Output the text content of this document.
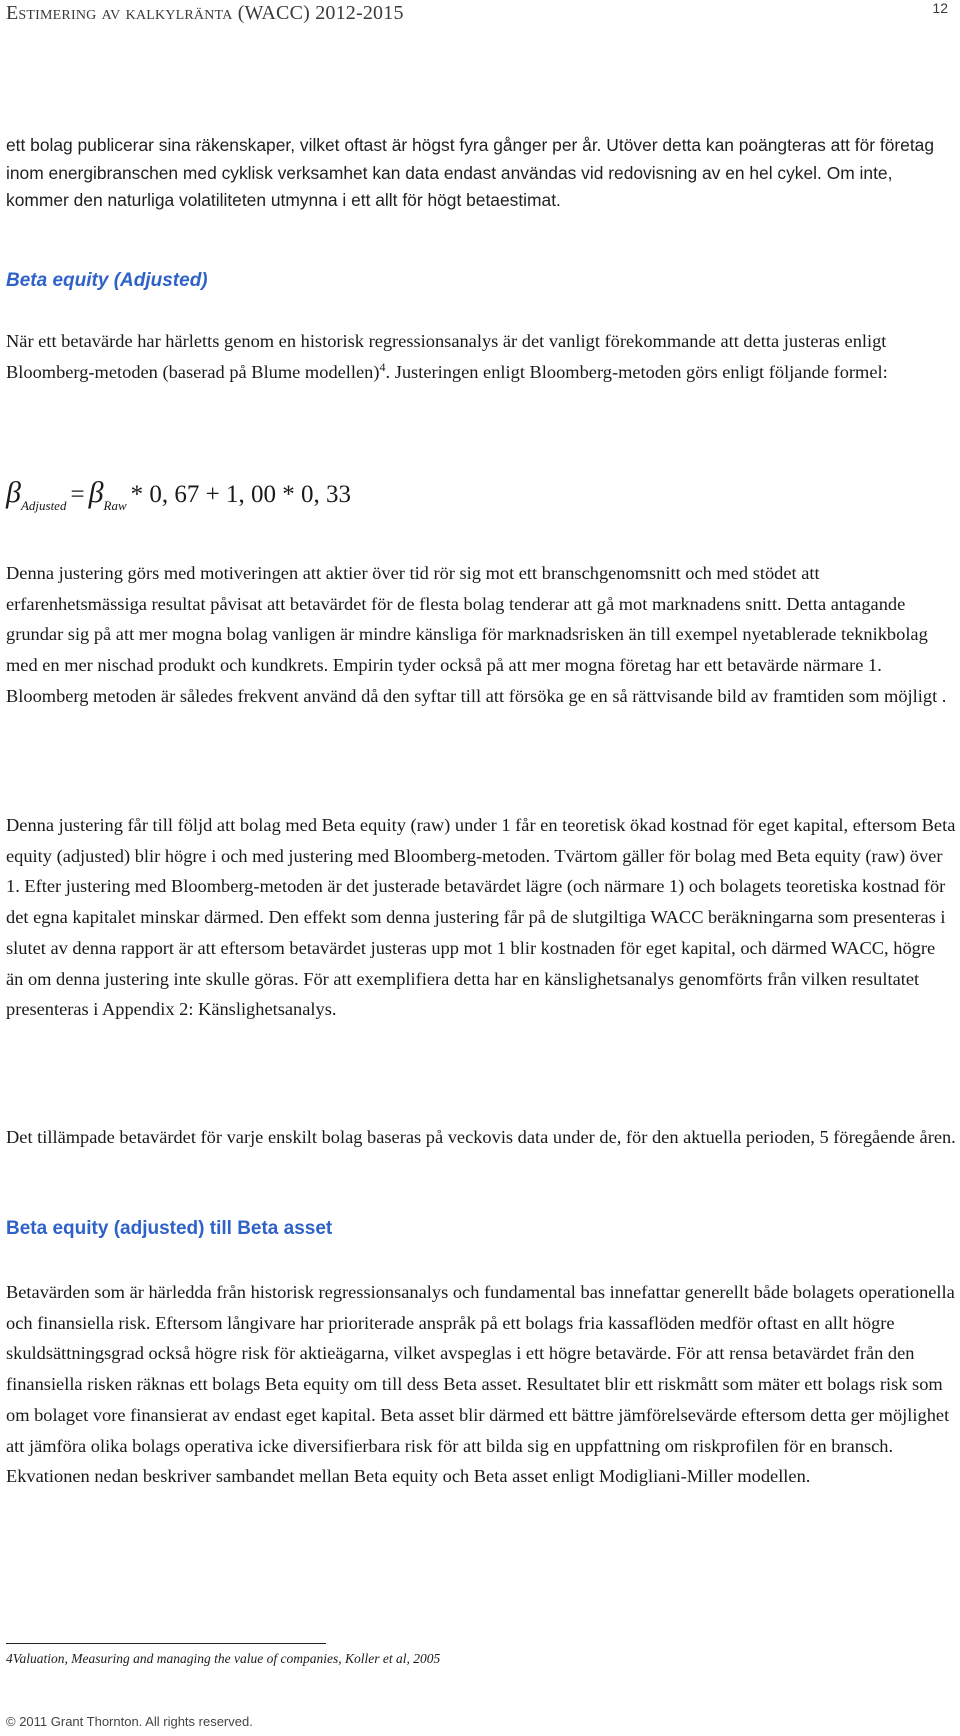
Estimering av kalkylränta (WACC) 2012-2015	12

ett bolag publicerar sina räkenskaper, vilket oftast är högst fyra gånger per år. Utöver detta kan poängteras att för företag inom energibranschen med cyklisk verksamhet kan data endast användas vid redovisning av en hel cykel. Om inte, kommer den naturliga volatiliteten utmynna i ett allt för högt betaestimat.

Beta equity (Adjusted)

När ett betavärde har härletts genom en historisk regressionsanalys är det vanligt förekommande att detta justeras enligt Bloomberg-metoden (baserad på Blume modellen)$^4$. Justeringen enligt Bloomberg-metoden görs enligt följande formel:

$\beta_{Adjusted} = \beta_{Raw} * 0$, 67 + 1, 00 * 0, 33

Denna justering görs med motiveringen att aktier över tid rör sig mot ett branschgenomsnitt och med stödet att erfarenhetsmässiga resultat påvisat att betavärdet för de flesta bolag tenderar att gå mot marknadens snitt. Detta antagande grundar sig på att mer mogna bolag vanligen är mindre känsliga för marknadsrisken än till exempel nyetablerade teknikbolag med en mer nischad produkt och kundkrets. Empirin tyder också på att mer mogna företag har ett betavärde närmare 1. Bloomberg metoden är således frekvent använd då den syftar till att försöka ge en så rättvisande bild av framtiden som möjligt .

Denna justering får till följd att bolag med Beta equity (raw) under 1 får en teoretisk ökad kostnad för eget kapital, eftersom Beta equity (adjusted) blir högre i och med justering med Bloomberg-metoden. Tvärtom gäller för bolag med Beta equity (raw) över 1. Efter justering med Bloomberg-metoden är det justerade betavärdet lägre (och närmare 1) och bolagets teoretiska kostnad för det egna kapitalet minskar därmed. Den effekt som denna justering får på de slutgiltiga WACC beräkningarna som presenteras i slutet av denna rapport är att eftersom betavärdet justeras upp mot 1 blir kostnaden för eget kapital, och därmed WACC, högre än om denna justering inte skulle göras. För att exemplifiera detta har en känslighetsanalys genomförts från vilken resultatet presenteras i Appendix 2: Känslighetsanalys.

Det tillämpade betavärdet för varje enskilt bolag baseras på veckovis data under de, för den aktuella perioden, 5 föregående åren.

Beta equity (adjusted) till Beta asset

Betavärden som är härledda från historisk regressionsanalys och fundamental bas innefattar generellt både bolagets operationella och finansiella risk. Eftersom långivare har prioriterade anspråk på ett bolags fria kassaflöden medför oftast en allt högre skuldsättningsgrad också högre risk för aktieägarna, vilket avspeglas i ett högre betavärde. För att rensa betavärdet från den finansiella risken räknas ett bolags Beta equity om till dess Beta asset. Resultatet blir ett riskmått som mäter ett bolags risk som om bolaget vore finansierat av endast eget kapital. Beta asset blir därmed ett bättre jämförelsevärde eftersom detta ger möjlighet att jämföra olika bolags operativa icke diversifierbara risk för att bilda sig en uppfattning om riskprofilen för en bransch. Ekvationen nedan beskriver sambandet mellan Beta equity och Beta asset enligt Modigliani-Miller modellen.

4Valuation, Measuring and managing the value of companies, Koller et al, 2005
© 2011 Grant Thornton. All rights reserved.
